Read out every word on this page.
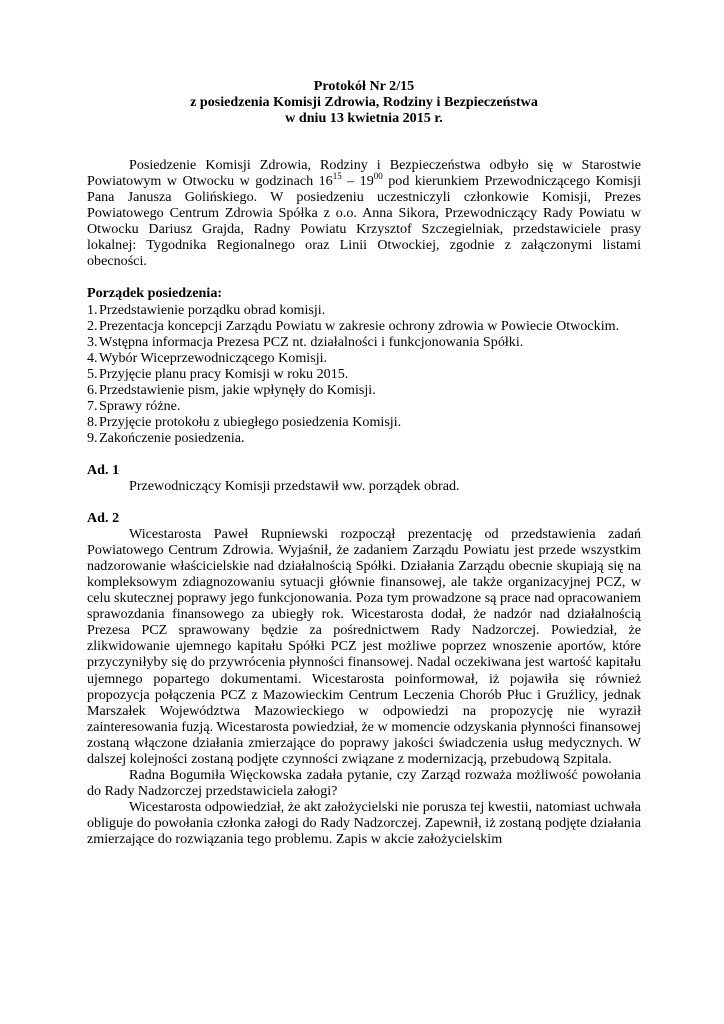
Protokół Nr 2/15
z posiedzenia Komisji Zdrowia, Rodziny i Bezpieczeństwa
w dniu 13 kwietnia 2015 r.

Posiedzenie Komisji Zdrowia, Rodziny i Bezpieczeństwa odbyło się w Starostwie Powiatowym w Otwocku w godzinach $16^{15} - 19^{00}$ pod kierunkiem Przewodniczącego Komisji Pana Janusza Golińskiego. W posiedzeniu uczestniczyli członkowie Komisji, Prezes Powiatowego Centrum Zdrowia Spółka z o.o. Anna Sikora, Przewodniczący Rady Powiatu w Otwocku Dariusz Grajda, Radny Powiatu Krzysztof Szczegielniak, przedstawiciele prasy lokalnej: Tygodnika Regionalnego oraz Linii Otwockiej, zgodnie z załączonymi listami obecności.

Porządek posiedzenia:

1. Przedstawienie porządku obrad komisji.
2. Prezentacja koncepcji Zarządu Powiatu w zakresie ochrony zdrowia w Powiecie Otwockim.
3. Wstępna informacja Prezesa PCZ nt. działalności i funkcjonowania Spółki.
4. Wybór Wiceprzewodniczącego Komisji.
5. Przyjęcie planu pracy Komisji w roku 2015.
6. Przedstawienie pism, jakie wpłynęły do Komisji.
7. Sprawy różne.
8. Przyjęcie protokołu z ubiegłego posiedzenia Komisji.
9. Zakończenie posiedzenia.

Ad. 1

Przewodniczący Komisji przedstawił ww. porządek obrad.

Ad. 2

Wicestarosta Paweł Rupniewski rozpoczął prezentację od przedstawienia zadań Powiatowego Centrum Zdrowia. Wyjaśnił, że zadaniem Zarządu Powiatu jest przede wszystkim nadzorowanie właścicielskie nad działalnością Spółki. Działania Zarządu obecnie skupiają się na kompleksowym zdiagnozowaniu sytuacji głównie finansowej, ale także organizacyjnej PCZ, w celu skutecznej poprawy jego funkcjonowania. Poza tym prowadzone są prace nad opracowaniem sprawozdania finansowego za ubiegły rok. Wicestarosta dodał, że nadzór nad działalnością Prezesa PCZ sprawowany będzie za pośrednictwem Rady Nadzorczej. Powiedział, że zlikwidowanie ujemnego kapitału Spółki PCZ jest możliwe poprzez wnoszenie aportów, które przyczyniłyby się do przywrócenia płynności finansowej. Nadal oczekiwana jest wartość kapitału ujemnego popartego dokumentami. Wicestarosta poinformował, iż pojawiła się również propozycja połączenia PCZ z Mazowieckim Centrum Leczenia Chorób Płuc i Gruźlicy, jednak Marszałek Województwa Mazowieckiego w odpowiedzi na propozycję nie wyraził zainteresowania fuzją. Wicestarosta powiedział, że w momencie odzyskania płynności finansowej zostaną włączone działania zmierzające do poprawy jakości świadczenia usług medycznych. W dalszej kolejności zostaną podjęte czynności związane z modernizacją, przebudową Szpitala.

Radna Bogumiła Więckowska zadała pytanie, czy Zarząd rozważa możliwość powołania do Rady Nadzorczej przedstawiciela załogi?

Wicestarosta odpowiedział, że akt założycielski nie porusza tej kwestii, natomiast uchwała obliguje do powołania członka załogi do Rady Nadzorczej. Zapewnił, iż zostaną podjęte działania zmierzające do rozwiązania tego problemu. Zapis w akcie założycielskim
